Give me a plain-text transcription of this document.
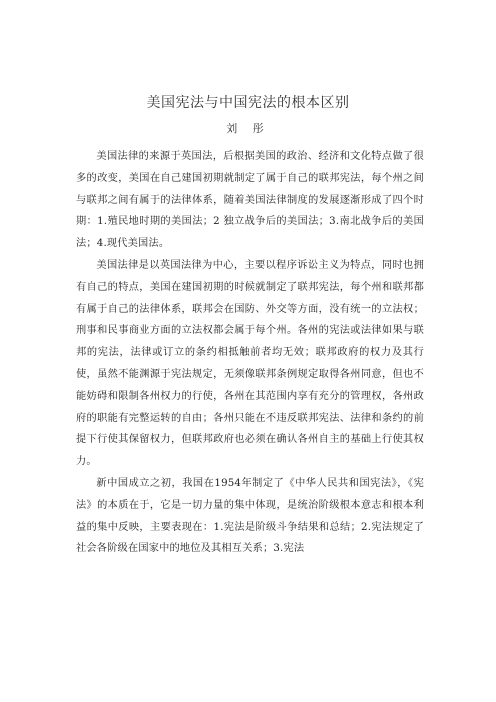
美国宪法与中国宪法的根本区别
刘 彤

美国法律的来源于英国法，后根据美国的政治、经济和文化特点做了很多的改变，美国在自己建国初期就制定了属于自己的联邦宪法，每个州之间与联邦之间有属于的法律体系，随着美国法律制度的发展逐渐形成了四个时期：1.殖民地时期的美国法；2 独立战争后的美国法；3.南北战争后的美国法；4.现代美国法。

美国法律是以英国法律为中心，主要以程序诉讼主义为特点，同时也拥有自己的特点，美国在建国初期的时候就制定了联邦宪法，每个州和联邦都有属于自己的法律体系，联邦会在国防、外交等方面，没有统一的立法权；刑事和民事商业方面的立法权都会属于每个州。各州的宪法或法律如果与联邦的宪法，法律或订立的条约相抵触前者均无效；联邦政府的权力及其行使，虽然不能渊源于宪法规定，无须像联邦条例规定取得各州同意，但也不能妨碍和限制各州权力的行使，各州在其范围内享有充分的管理权，各州政府的职能有完整运转的自由；各州只能在不违反联邦宪法、法律和条约的前提下行使其保留权力，但联邦政府也必须在确认各州自主的基础上行使其权力。

新中国成立之初，我国在1954年制定了《中华人民共和国宪法》，《宪法》的本质在于，它是一切力量的集中体现，是统治阶级根本意志和根本利益的集中反映，主要表现在：1.宪法是阶级斗争结果和总结；2.宪法规定了社会各阶级在国家中的地位及其相互关系；3.宪法
